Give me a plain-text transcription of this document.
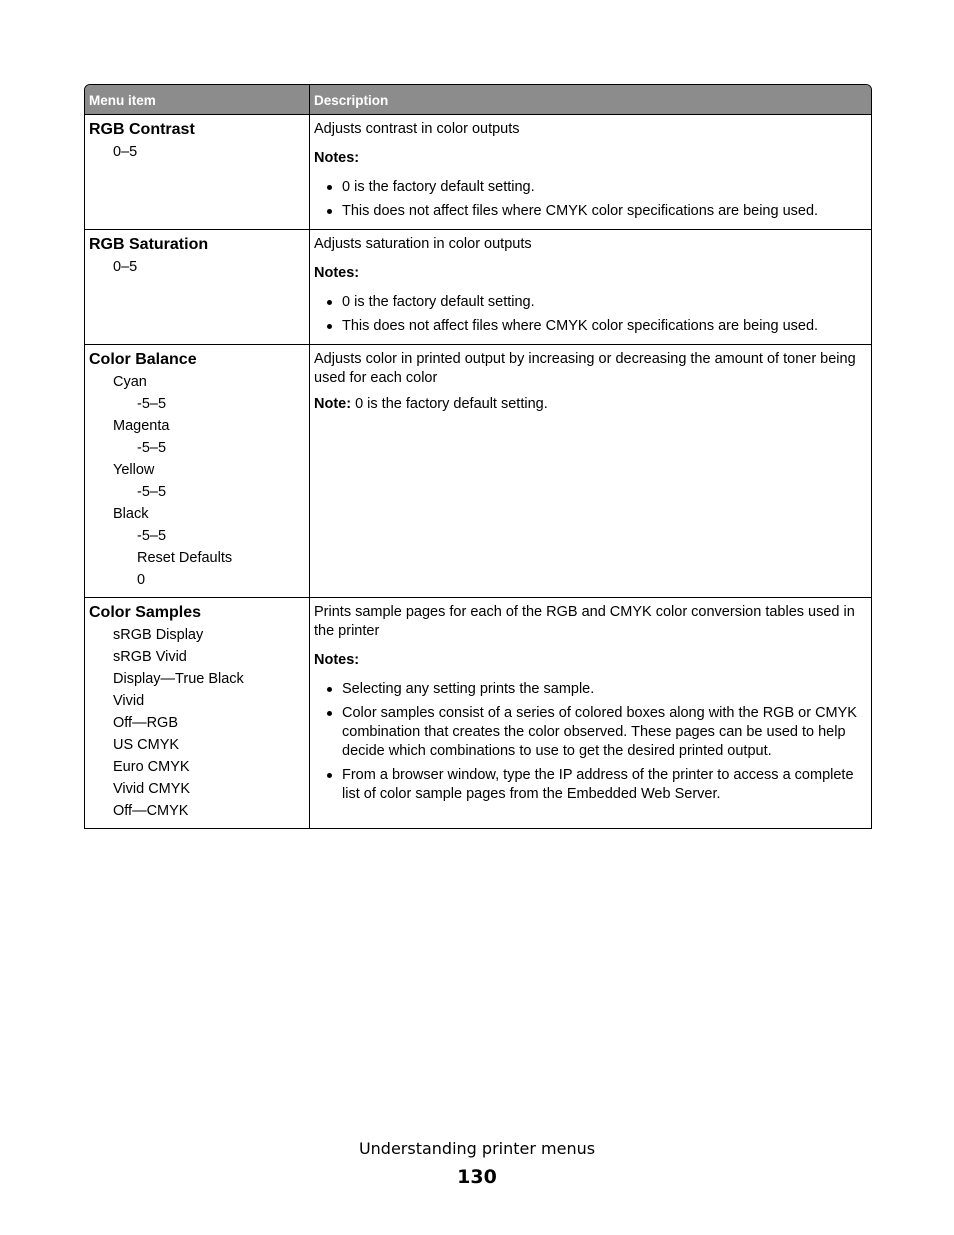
Menu item	Description
RGB Contrast
0–5

Adjusts contrast in color outputs

Notes:

0 is the factory default setting.
This does not affect files where CMYK color specifications are being used.
RGB Saturation
0–5

Adjusts saturation in color outputs

Notes:

0 is the factory default setting.
This does not affect files where CMYK color specifications are being used.
Color Balance
Cyan
-5–5
Magenta
-5–5
Yellow
-5–5
Black
-5–5
Reset Defaults
0

Adjusts color in printed output by increasing or decreasing the amount of toner being used for each color

Note: 0 is the factory default setting.

Color Samples
sRGB Display
sRGB Vivid
Display—True Black
Vivid
Off—RGB
US CMYK
Euro CMYK
Vivid CMYK
Off—CMYK

Prints sample pages for each of the RGB and CMYK color conversion tables used in the printer

Notes:

Selecting any setting prints the sample.
Color samples consist of a series of colored boxes along with the RGB or CMYK combination that creates the color observed. These pages can be used to help decide which combinations to use to get the desired printed output.
From a browser window, type the IP address of the printer to access a complete list of color sample pages from the Embedded Web Server.
Understanding printer menus
130
